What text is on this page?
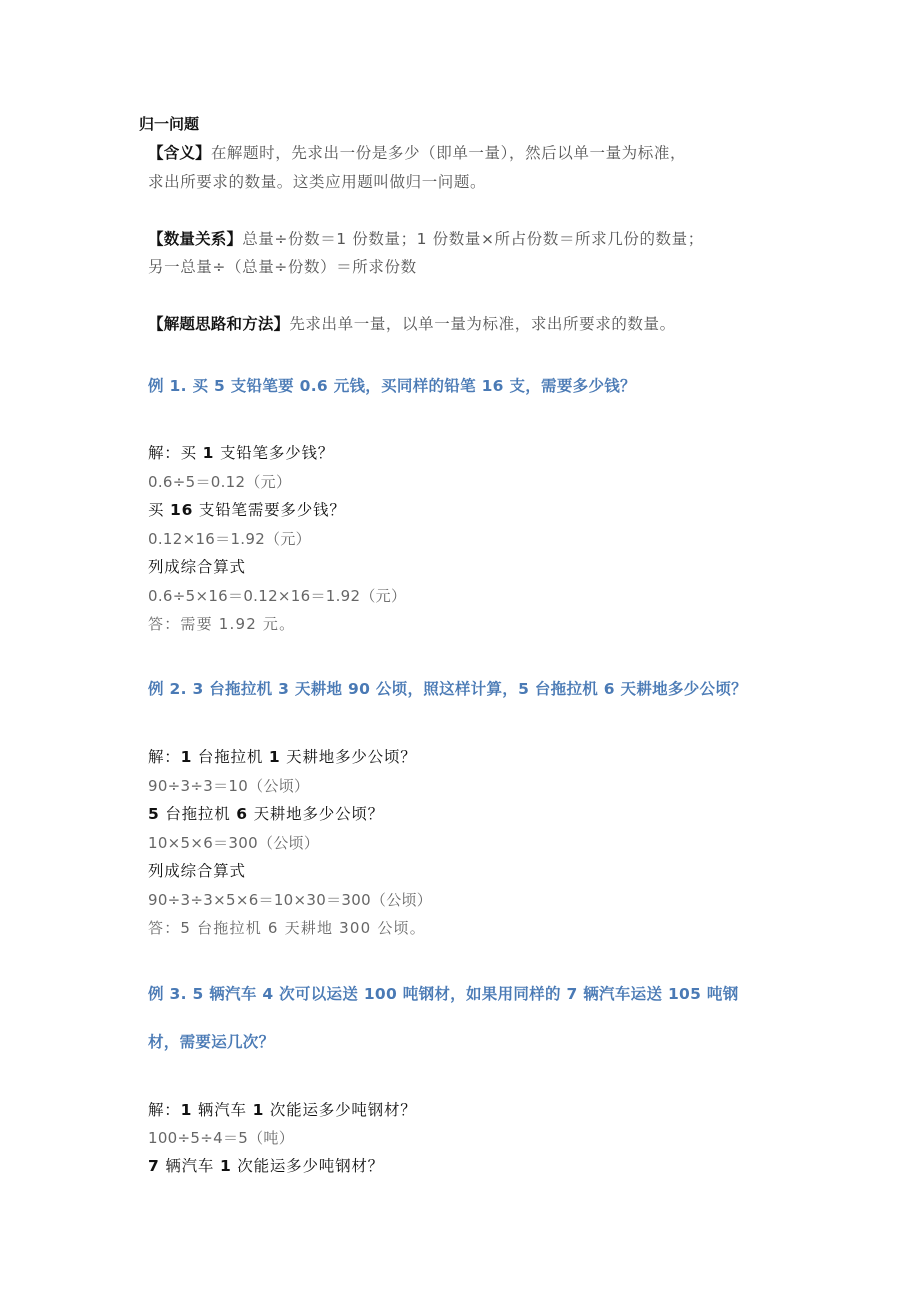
归一问题
【含义】在解题时，先求出一份是多少（即单一量），然后以单一量为标准，
求出所要求的数量。这类应用题叫做归一问题。
【数量关系】总量÷份数＝1 份数量；1 份数量×所占份数＝所求几份的数量；
另一总量÷（总量÷份数）＝所求份数
【解题思路和方法】先求出单一量，以单一量为标准，求出所要求的数量。
例 1. 买 5 支铅笔要 0.6 元钱，买同样的铅笔 16 支，需要多少钱？
解：买 1 支铅笔多少钱？
0.6÷5＝0.12（元）
买 16 支铅笔需要多少钱？
0.12×16＝1.92（元）
列成综合算式
0.6÷5×16＝0.12×16＝1.92（元）
答：需要 1.92 元。
例 2. 3 台拖拉机 3 天耕地 90 公顷，照这样计算，5 台拖拉机 6 天耕地多少公顷？
解：1 台拖拉机 1 天耕地多少公顷？
90÷3÷3＝10（公顷）
5 台拖拉机 6 天耕地多少公顷？
10×5×6＝300（公顷）
列成综合算式
90÷3÷3×5×6＝10×30＝300（公顷）
答：5 台拖拉机 6 天耕地 300 公顷。
例 3. 5 辆汽车 4 次可以运送 100 吨钢材，如果用同样的 7 辆汽车运送 105 吨钢
材，需要运几次？
解：1 辆汽车 1 次能运多少吨钢材？
100÷5÷4＝5（吨）
7 辆汽车 1 次能运多少吨钢材？
